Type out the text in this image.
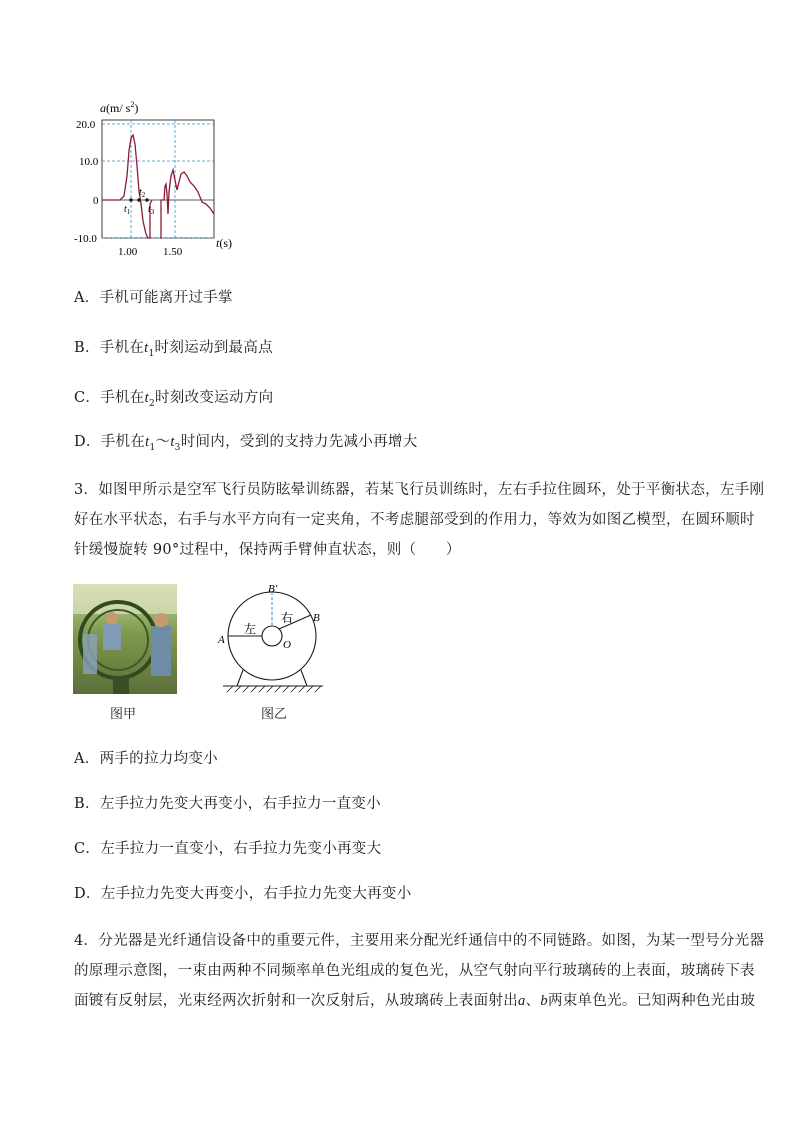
a(m/ $s^2$)
20.0
10.0
0
-10.0
1.00 1.50
t(s)
$t_1$
$t_2$
$t_3$
A．手机可能离开过手掌
B．手机在$t_1$时刻运动到最高点
C．手机在$t_2$时刻改变运动方向
D．手机在$t_1\sim t_3$时间内，受到的支持力先减小再增大
3．如图甲所示是空军飞行员防眩晕训练器，若某飞行员训练时，左右手拉住圆环，处于平衡状态，左手刚
好在水平状态，右手与水平方向有一定夹角，不考虑腿部受到的作用力，等效为如图乙模型，在圆环顺时
针缓慢旋转 90°过程中，保持两手臂伸直状态，则（　　）
图甲
B′
右 B
A
左
O
图乙
A．两手的拉力均变小
B．左手拉力先变大再变小，右手拉力一直变小
C．左手拉力一直变小，右手拉力先变小再变大
D．左手拉力先变大再变小，右手拉力先变大再变小
4．分光器是光纤通信设备中的重要元件，主要用来分配光纤通信中的不同链路。如图，为某一型号分光器
的原理示意图，一束由两种不同频率单色光组成的复色光，从空气射向平行玻璃砖的上表面，玻璃砖下表
面镀有反射层，光束经两次折射和一次反射后，从玻璃砖上表面射出a、b两束单色光。已知两种色光由玻
